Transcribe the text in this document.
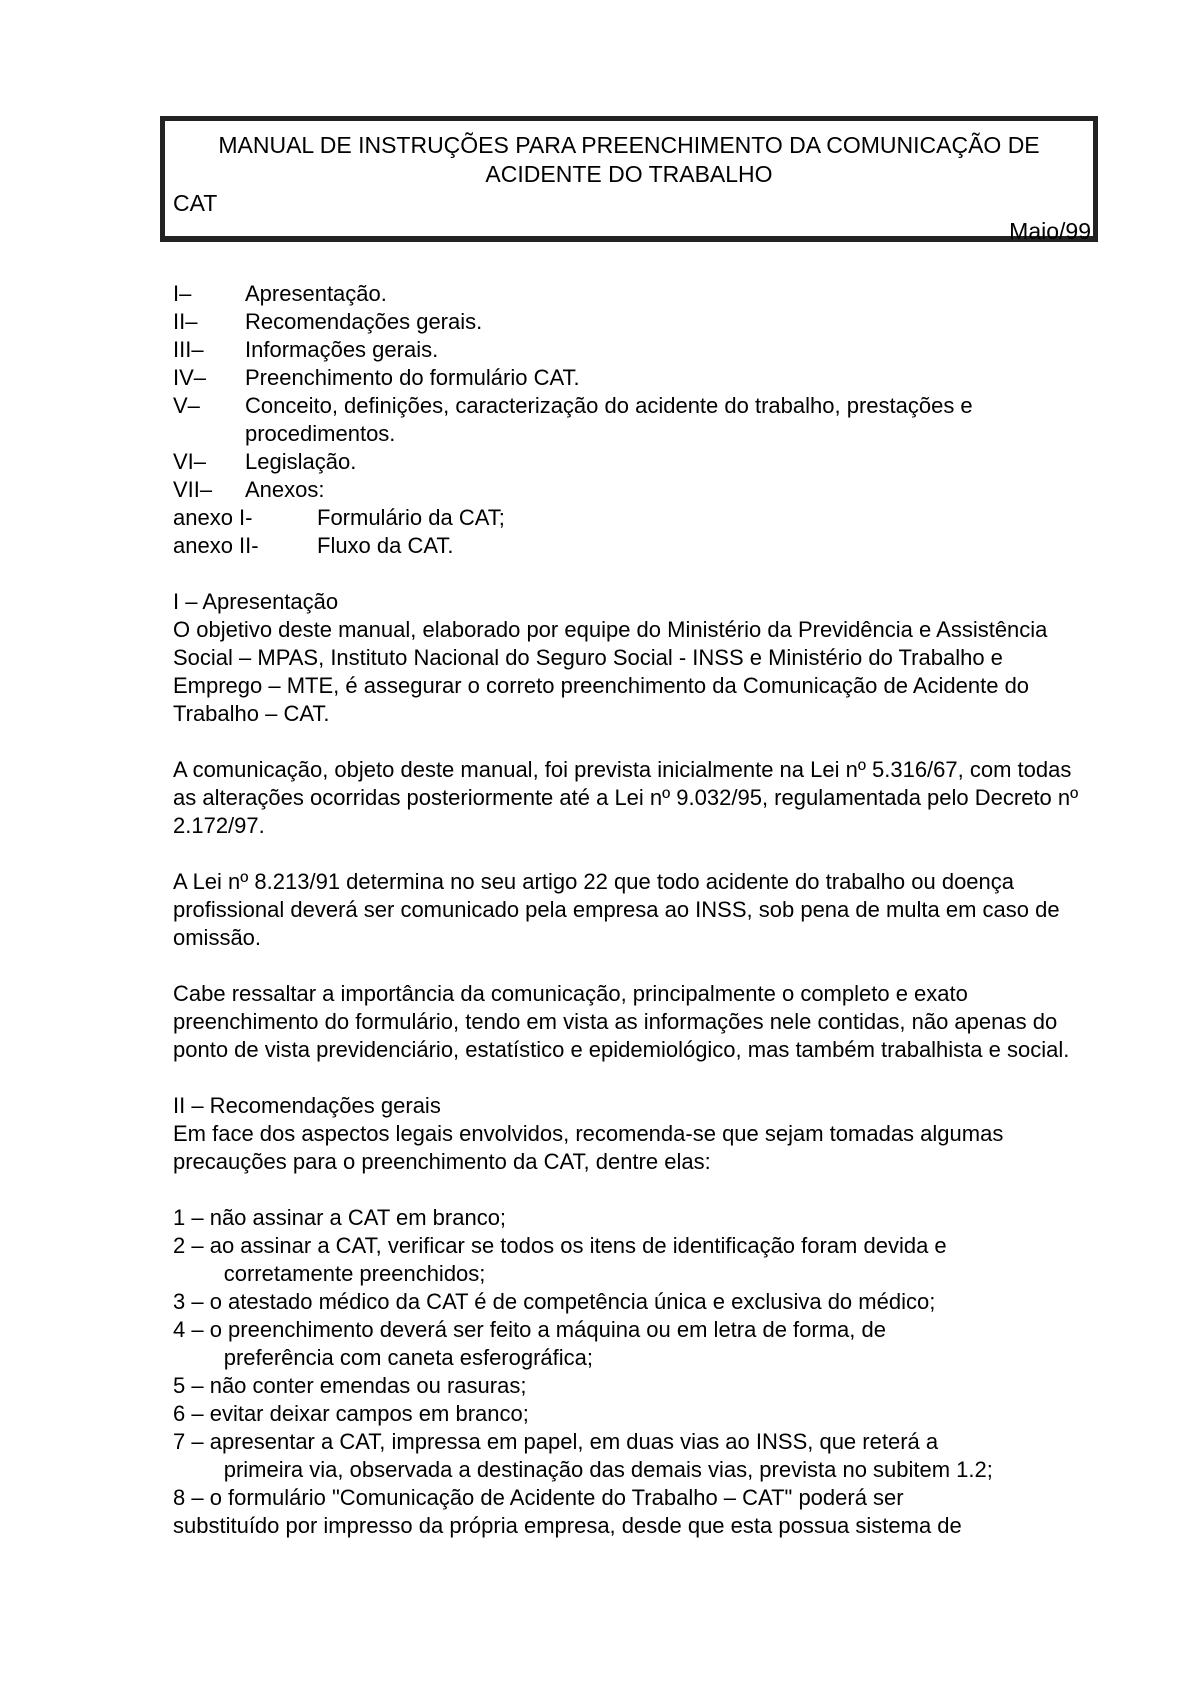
MANUAL DE INSTRUÇÕES PARA PREENCHIMENTO DA COMUNICAÇÃO DE
ACIDENTE DO TRABALHO
CAT
Maio/99
I–	Apresentação.
II–	Recomendações gerais.
III–	Informações gerais.
IV–	Preenchimento do formulário CAT.
V–	Conceito, definições, caracterização do acidente do trabalho, prestações e procedimentos.
VI–	Legislação.
VII–	Anexos:
anexo I-	Formulário da CAT;
anexo II-	Fluxo da CAT.
I – Apresentação

O objetivo deste manual, elaborado por equipe do Ministério da Previdência e Assistência Social – MPAS, Instituto Nacional do Seguro Social - INSS e Ministério do Trabalho e Emprego – MTE, é assegurar o correto preenchimento da Comunicação de Acidente do Trabalho – CAT.

A comunicação, objeto deste manual, foi prevista inicialmente na Lei nº 5.316/67, com todas as alterações ocorridas posteriormente até a Lei nº 9.032/95, regulamentada pelo Decreto nº 2.172/97.

A Lei nº 8.213/91 determina no seu artigo 22 que todo acidente do trabalho ou doença profissional deverá ser comunicado pela empresa ao INSS, sob pena de multa em caso de omissão.

Cabe ressaltar a importância da comunicação, principalmente o completo e exato preenchimento do formulário, tendo em vista as informações nele contidas, não apenas do ponto de vista previdenciário, estatístico e epidemiológico, mas também trabalhista e social.

II – Recomendações gerais

Em face dos aspectos legais envolvidos, recomenda-se que sejam tomadas algumas precauções para o preenchimento da CAT, dentre elas:

1 – não assinar a CAT em branco;
2 – ao assinar a CAT, verificar se todos os itens de identificação foram devida e
corretamente preenchidos;
3 – o atestado médico da CAT é de competência única e exclusiva do médico;
4 – o preenchimento deverá ser feito a máquina ou em letra de forma, de
preferência com caneta esferográfica;
5 – não conter emendas ou rasuras;
6 – evitar deixar campos em branco;
7 – apresentar a CAT, impressa em papel, em duas vias ao INSS, que reterá a
primeira via, observada a destinação das demais vias, prevista no subitem 1.2;
8 – o formulário "Comunicação de Acidente do Trabalho – CAT" poderá ser
substituído por impresso da própria empresa, desde que esta possua sistema de
